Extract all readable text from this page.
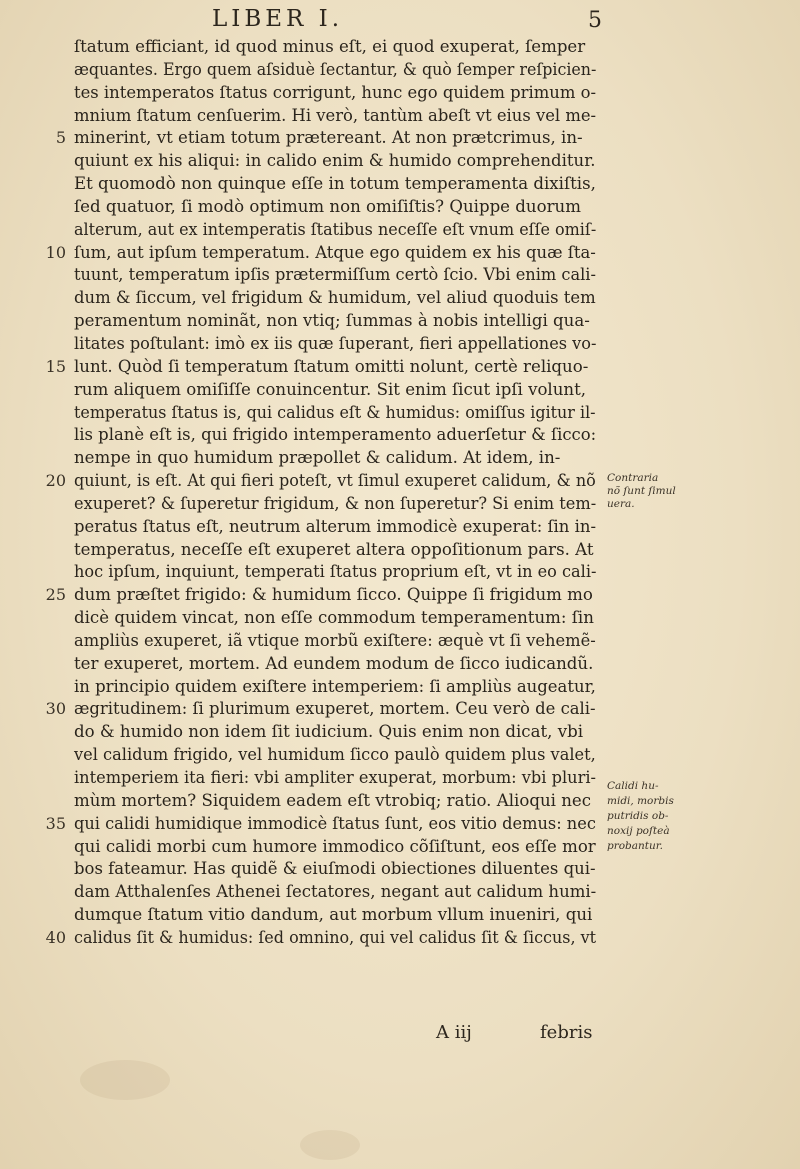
LIBER I.	5
ſtatum efficiant, id quod minus eſt, ei quod exuperat, ſemper
æquantes. Ergo quem aſsiduè ſectantur, & quò ſemper reſpicien-
tes intemperatos ſtatus corrigunt, hunc ego quidem primum o-
mnium ſtatum cenſuerim. Hi verò, tantùm abeſt vt eius vel me-
5 minerint, vt etiam totum prætereant. At non prætcrimus, in-
quiunt ex his aliqui: in calido enim & humido comprehenditur.
Et quomodò non quinque eſſe in totum temperamenta dixiſtis,
ſed quatuor, ſi modò optimum non omiſiſtis? Quippe duorum
alterum, aut ex intemperatis ſtatibus neceſſe eſt vnum eſſe omiſ-
10 ſum, aut ipſum temperatum. Atque ego quidem ex his quæ ſta-
tuunt, temperatum ipſis prætermiſſum certò ſcio. Vbi enim cali-
dum & ſiccum, vel frigidum & humidum, vel aliud quoduis tem
peramentum nominãt, non vtiq; ſummas à nobis intelligi qua-
litates poſtulant: imò ex iis quæ ſuperant, fieri appellationes vo-
15 lunt. Quòd ſi temperatum ſtatum omitti nolunt, certè reliquo-
rum aliquem omiſiſſe conuincentur. Sit enim ſicut ipſi volunt,
temperatus ſtatus is, qui calidus eſt & humidus: omiſſus igitur il-
lis planè eſt is, qui frigido intemperamento aduerſetur & ſicco:
nempe in quo humidum præpollet & calidum. At idem, in-
20 quiunt, is eſt. At qui fieri poteſt, vt ſimul exuperet calidum, & nõ
exuperet? & ſuperetur frigidum, & non ſuperetur? Si enim tem-
peratus ſtatus eſt, neutrum alterum immodicè exuperat: ſin in-
temperatus, neceſſe eſt exuperet altera oppoſitionum pars. At
hoc ipſum, inquiunt, temperati ſtatus proprium eſt, vt in eo cali-
25 dum præſtet frigido: & humidum ſicco. Quippe ſi frigidum mo
dicè quidem vincat, non eſſe commodum temperamentum: ſin
ampliùs exuperet, iã vtique morbũ exiſtere: æquè vt ſi vehemẽ-
ter exuperet, mortem. Ad eundem modum de ſicco iudicandũ.
in principio quidem exiſtere intemperiem: ſi ampliùs augeatur,
30 ægritudinem: ſi plurimum exuperet, mortem. Ceu verò de cali-
do & humido non idem ſit iudicium. Quis enim non dicat, vbi
vel calidum frigido, vel humidum ſicco paulò quidem plus valet,
intemperiem ita fieri: vbi ampliter exuperat, morbum: vbi pluri-
mùm mortem? Siquidem eadem eſt vtrobiq; ratio. Alioqui nec
35 qui calidi humidique immodicè ſtatus ſunt, eos vitio demus: nec
qui calidi morbi cum humore immodico cõſiſtunt, eos eſſe mor
bos fateamur. Has quidẽ & eiuſmodi obiectiones diluentes qui-
dam Atthalenſes Athenei ſectatores, negant aut calidum humi-
dumque ſtatum vitio dandum, aut morbum vllum inueniri, qui
40 calidus ſit & humidus: ſed omnino, qui vel calidus ſit & ſiccus, vt
Contraria
nõ ſunt ſimul
uera.
Calidi hu-
midi, morbis
putridis ob-
noxij poſteà
probantur.
A iij	febris
